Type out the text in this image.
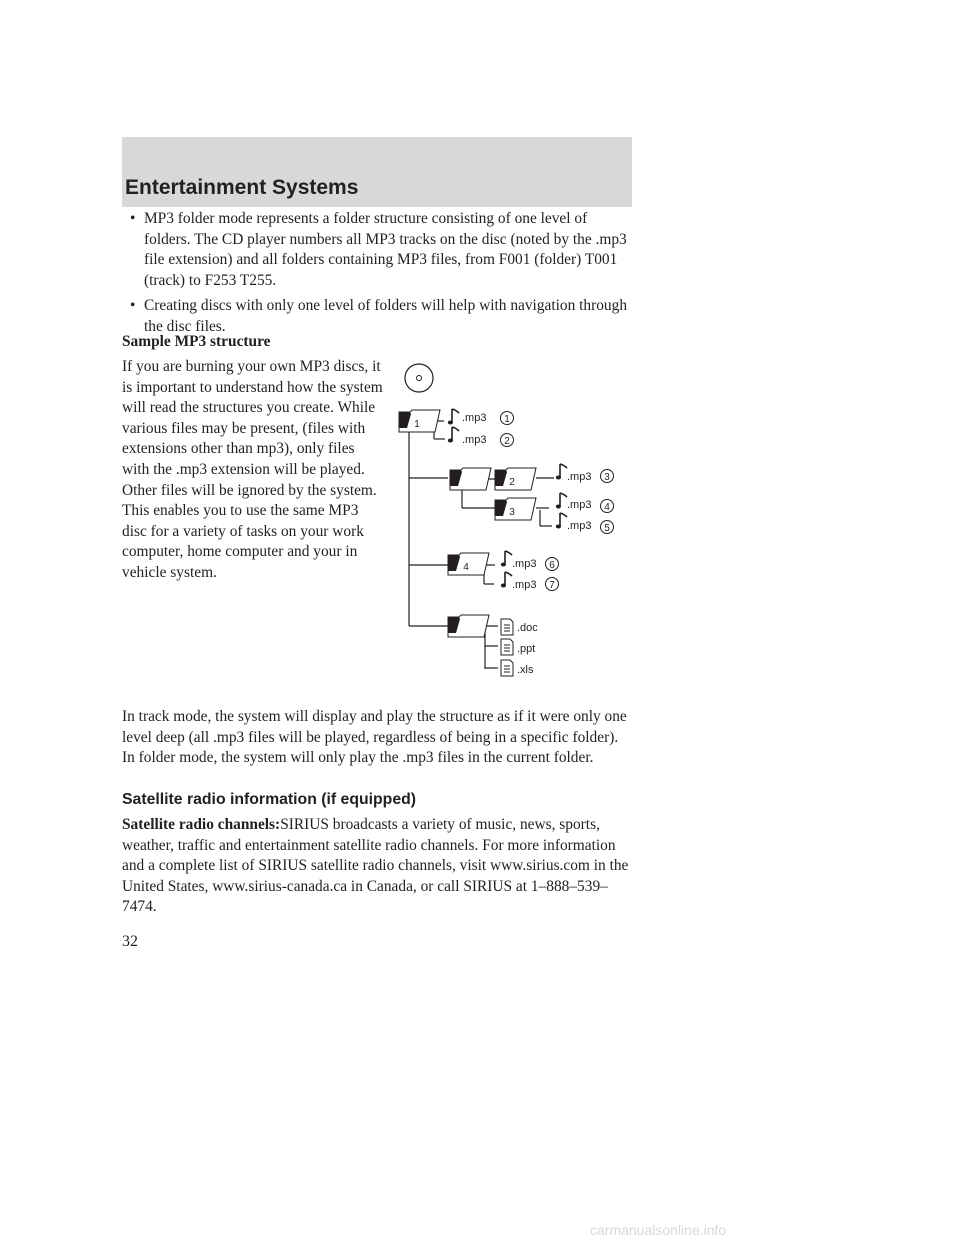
Entertainment Systems
• MP3 folder mode represents a folder structure consisting of one level of folders. The CD player numbers all MP3 tracks on the disc (noted by the .mp3 file extension) and all folders containing MP3 files, from F001 (folder) T001 (track) to F253 T255.
• Creating discs with only one level of folders will help with navigation through the disc files.

Sample MP3 structure

If you are burning your own MP3 discs, it is important to understand how the system will read the structures you create. While various files may be present, (files with extensions other than mp3), only files with the .mp3 extension will be played. Other files will be ignored by the system. This enables you to use the same MP3 disc for a variety of tasks on your work computer, home computer and your in vehicle system.

1
2
3
4
.mp3 1
.mp3 2
.mp3 3
.mp3 4
.mp3 5
.mp3 6
.mp3 7
.doc
.ppt
.xls

In track mode, the system will display and play the structure as if it were only one level deep (all .mp3 files will be played, regardless of being in a specific folder). In folder mode, the system will only play the .mp3 files in the current folder.

Satellite radio information (if equipped)

Satellite radio channels:SIRIUS broadcasts a variety of music, news, sports, weather, traffic and entertainment satellite radio channels. For more information and a complete list of SIRIUS satellite radio channels, visit www.sirius.com in the United States, www.sirius-canada.ca in Canada, or call SIRIUS at 1–888–539–7474.

32

carmanualsonline.info
